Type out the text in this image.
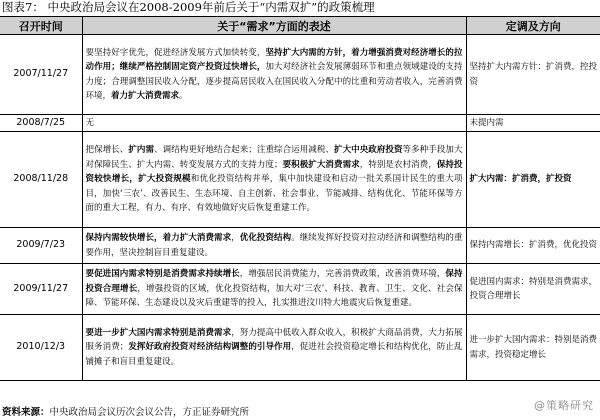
图表7： 中央政治局会议在2008-2009年前后关于“内需双扩”的政策梳理
召开时间	关于“需求”方面的表述	定调及方向
2007/11/27	要坚持好字优先，促进经济发展方式加快转变，坚持扩大内需的方针，着力增强消费对经济增长的拉动作用；继续严格控制固定资产投资过快增长，加大对经济社会发展薄弱环节和重点领域建设的支持力度；合理调整国民收入分配，逐步提高居民收入在国民收入分配中的比重和劳动者收入，完善消费环境，着力扩大消费需求。	坚持扩大内需方针：扩消费，控投资
2008/7/25	无	未提内需
2008/11/28	把保增长、扩内需、调结构更好地结合起来；注重综合运用减税、扩大中央政府投资等多种手段加大对保障民生、扩大内需、转变发展方式的支持力度；要积极扩大消费需求，特别是农村消费，保持投资较快增长，扩大投资规模和优化投资结构并举，集中加快建设和启动一批关系国计民生的重大项目，加快‘三农’、改善民生、生态环境、自主创新、社会事业、节能减排、结构优化、节能环保等方面的重大工程，有力、有序、有效地做好灾后恢复重建工作。	扩大内需：扩消费，扩投资
2009/7/23	保持内需较快增长，着力扩大消费需求，优化投资结构。继续发挥好投资对拉动经济和调整结构的重要作用，坚决控制盲目重复建设。	保持内需增长：扩消费，优化投资
2009/11/27	要促进国内需求特别是消费需求持续增长，增强居民消费能力，完善消费政策，改善消费环境，保持投资合理增长，增强投资的区域，优化投资结构，加大对‘三农’、科技、教育、卫生、文化、社会保障、节能环保、生态建设以及灾后重建等的投入，扎实推进汶川特大地震灾后恢复重建。	促进国内需求：特别是消费需求，投资合理增长
2010/12/3	要进一步扩大国内需求特别是消费需求，努力提高中低收入群众收入，积极扩大商品消费，大力拓展服务消费；发挥好政府投资对经济结构调整的引导作用，促进社会投资稳定增长和结构优化，防止乱铺摊子和盲目重复建设。	进一步扩大国内需求：特别是消费需求，投资稳定增长
资料来源：中央政治局会议历次会议公告，方正证券研究所
@策略研究
